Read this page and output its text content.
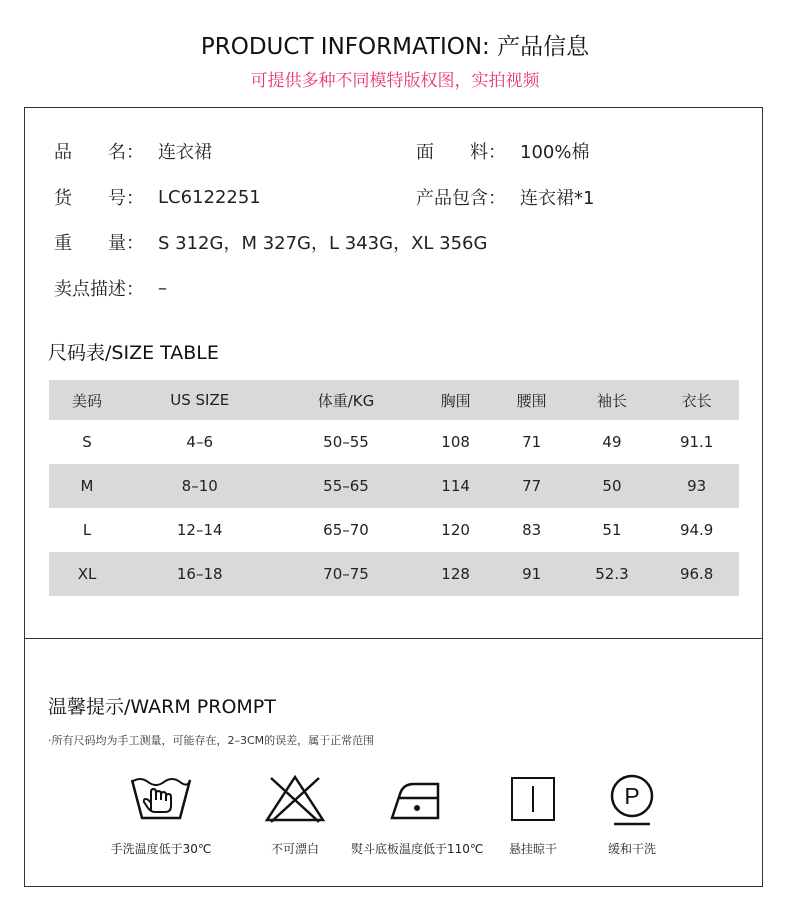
PRODUCT INFORMATION: 产品信息
可提供多种不同模特版权图，实拍视频
品　　名： 连衣裙	面　　料： 100%棉
货　　号： LC6122251	产品包含： 连衣裙*1
重　　量： S 312G，M 327G，L 343G，XL 356G
卖点描述： –
尺码表/SIZE TABLE
美码	US SIZE	体重/KG	胸围	腰围	袖长	衣长
S	4–6	50–55	108	71	49	91.1
M	8–10	55–65	114	77	50	93
L	12–14	65–70	120	83	51	94.9
XL	16–18	70–75	128	91	52.3	96.8
温馨提示/WARM PROMPT
·所有尺码均为手工测量，可能存在，2–3CM的误差，属于正常范围
手洗温度低于30℃	不可漂白	熨斗底板温度低于110℃	悬挂晾干
P
缓和干洗
